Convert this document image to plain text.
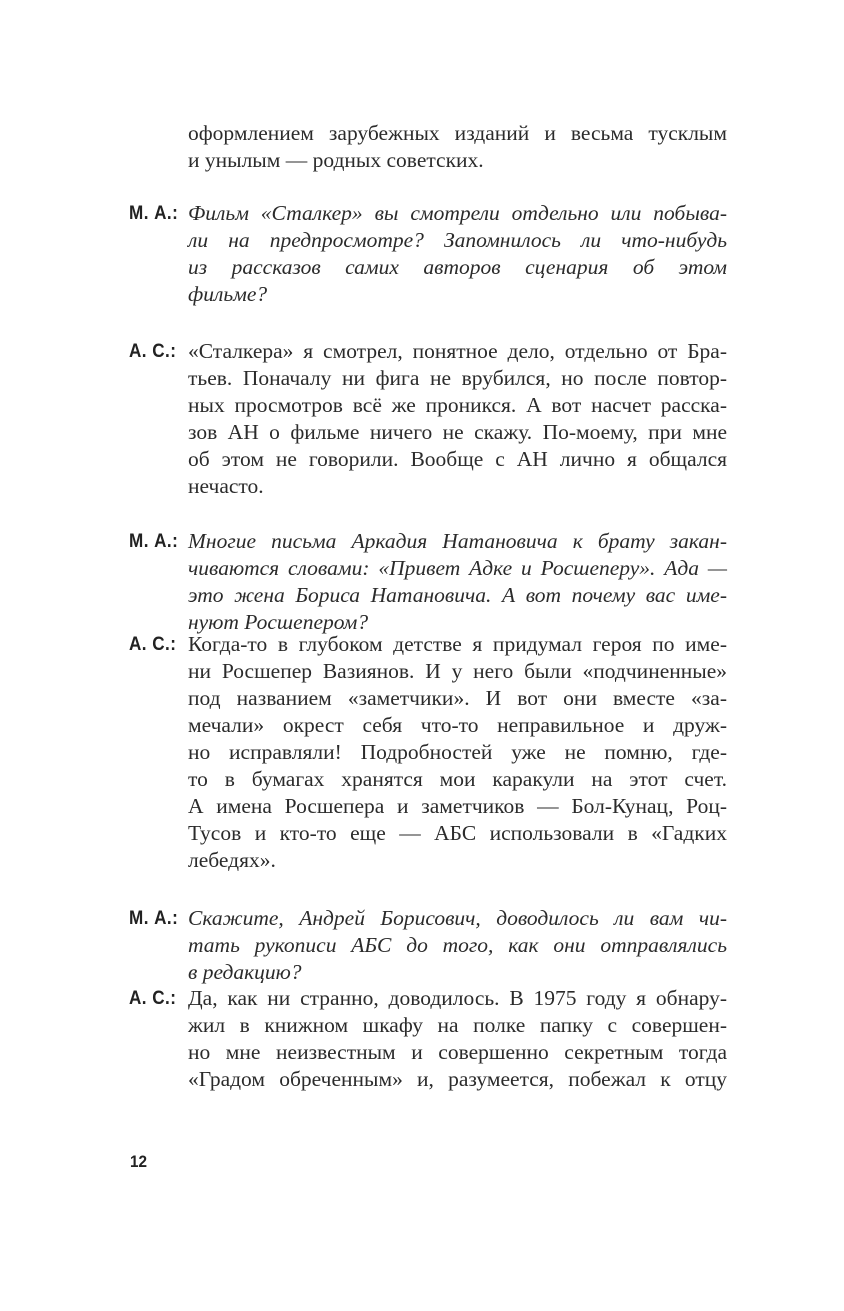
оформлением зарубежных изданий и весьма тусклым
и унылым — родных советских.
М. А.: Фильм «Сталкер» вы смотрели отдельно или побыва-
ли на предпросмотре? Запомнилось ли что-нибудь
из рассказов самих авторов сценария об этом
фильме?
А. С.: «Сталкера» я смотрел, понятное дело, отдельно от Бра-
тьев. Поначалу ни фига не врубился, но после повтор-
ных просмотров всё же проникся. А вот насчет расска-
зов АН о фильме ничего не скажу. По-моему, при мне
об этом не говорили. Вообще с АН лично я общался
нечасто.
М. А.: Многие письма Аркадия Натановича к брату закан-
чиваются словами: «Привет Адке и Росшеперу». Ада —
это жена Бориса Натановича. А вот почему вас име-
нуют Росшепером?
А. С.: Когда-то в глубоком детстве я придумал героя по име-
ни Росшепер Вазиянов. И у него были «подчиненные»
под названием «заметчики». И вот они вместе «за-
мечали» окрест себя что-то неправильное и друж-
но исправляли! Подробностей уже не помню, где-
то в бумагах хранятся мои каракули на этот счет.
А имена Росшепера и заметчиков — Бол-Кунац, Роц-
Тусов и кто-то еще — АБС использовали в «Гадких
лебедях».
М. А.: Скажите, Андрей Борисович, доводилось ли вам чи-
тать рукописи АБС до того, как они отправлялись
в редакцию?
А. С.: Да, как ни странно, доводилось. В 1975 году я обнару-
жил в книжном шкафу на полке папку с совершен-
но мне неизвестным и совершенно секретным тогда
«Градом обреченным» и, разумеется, побежал к отцу
12
